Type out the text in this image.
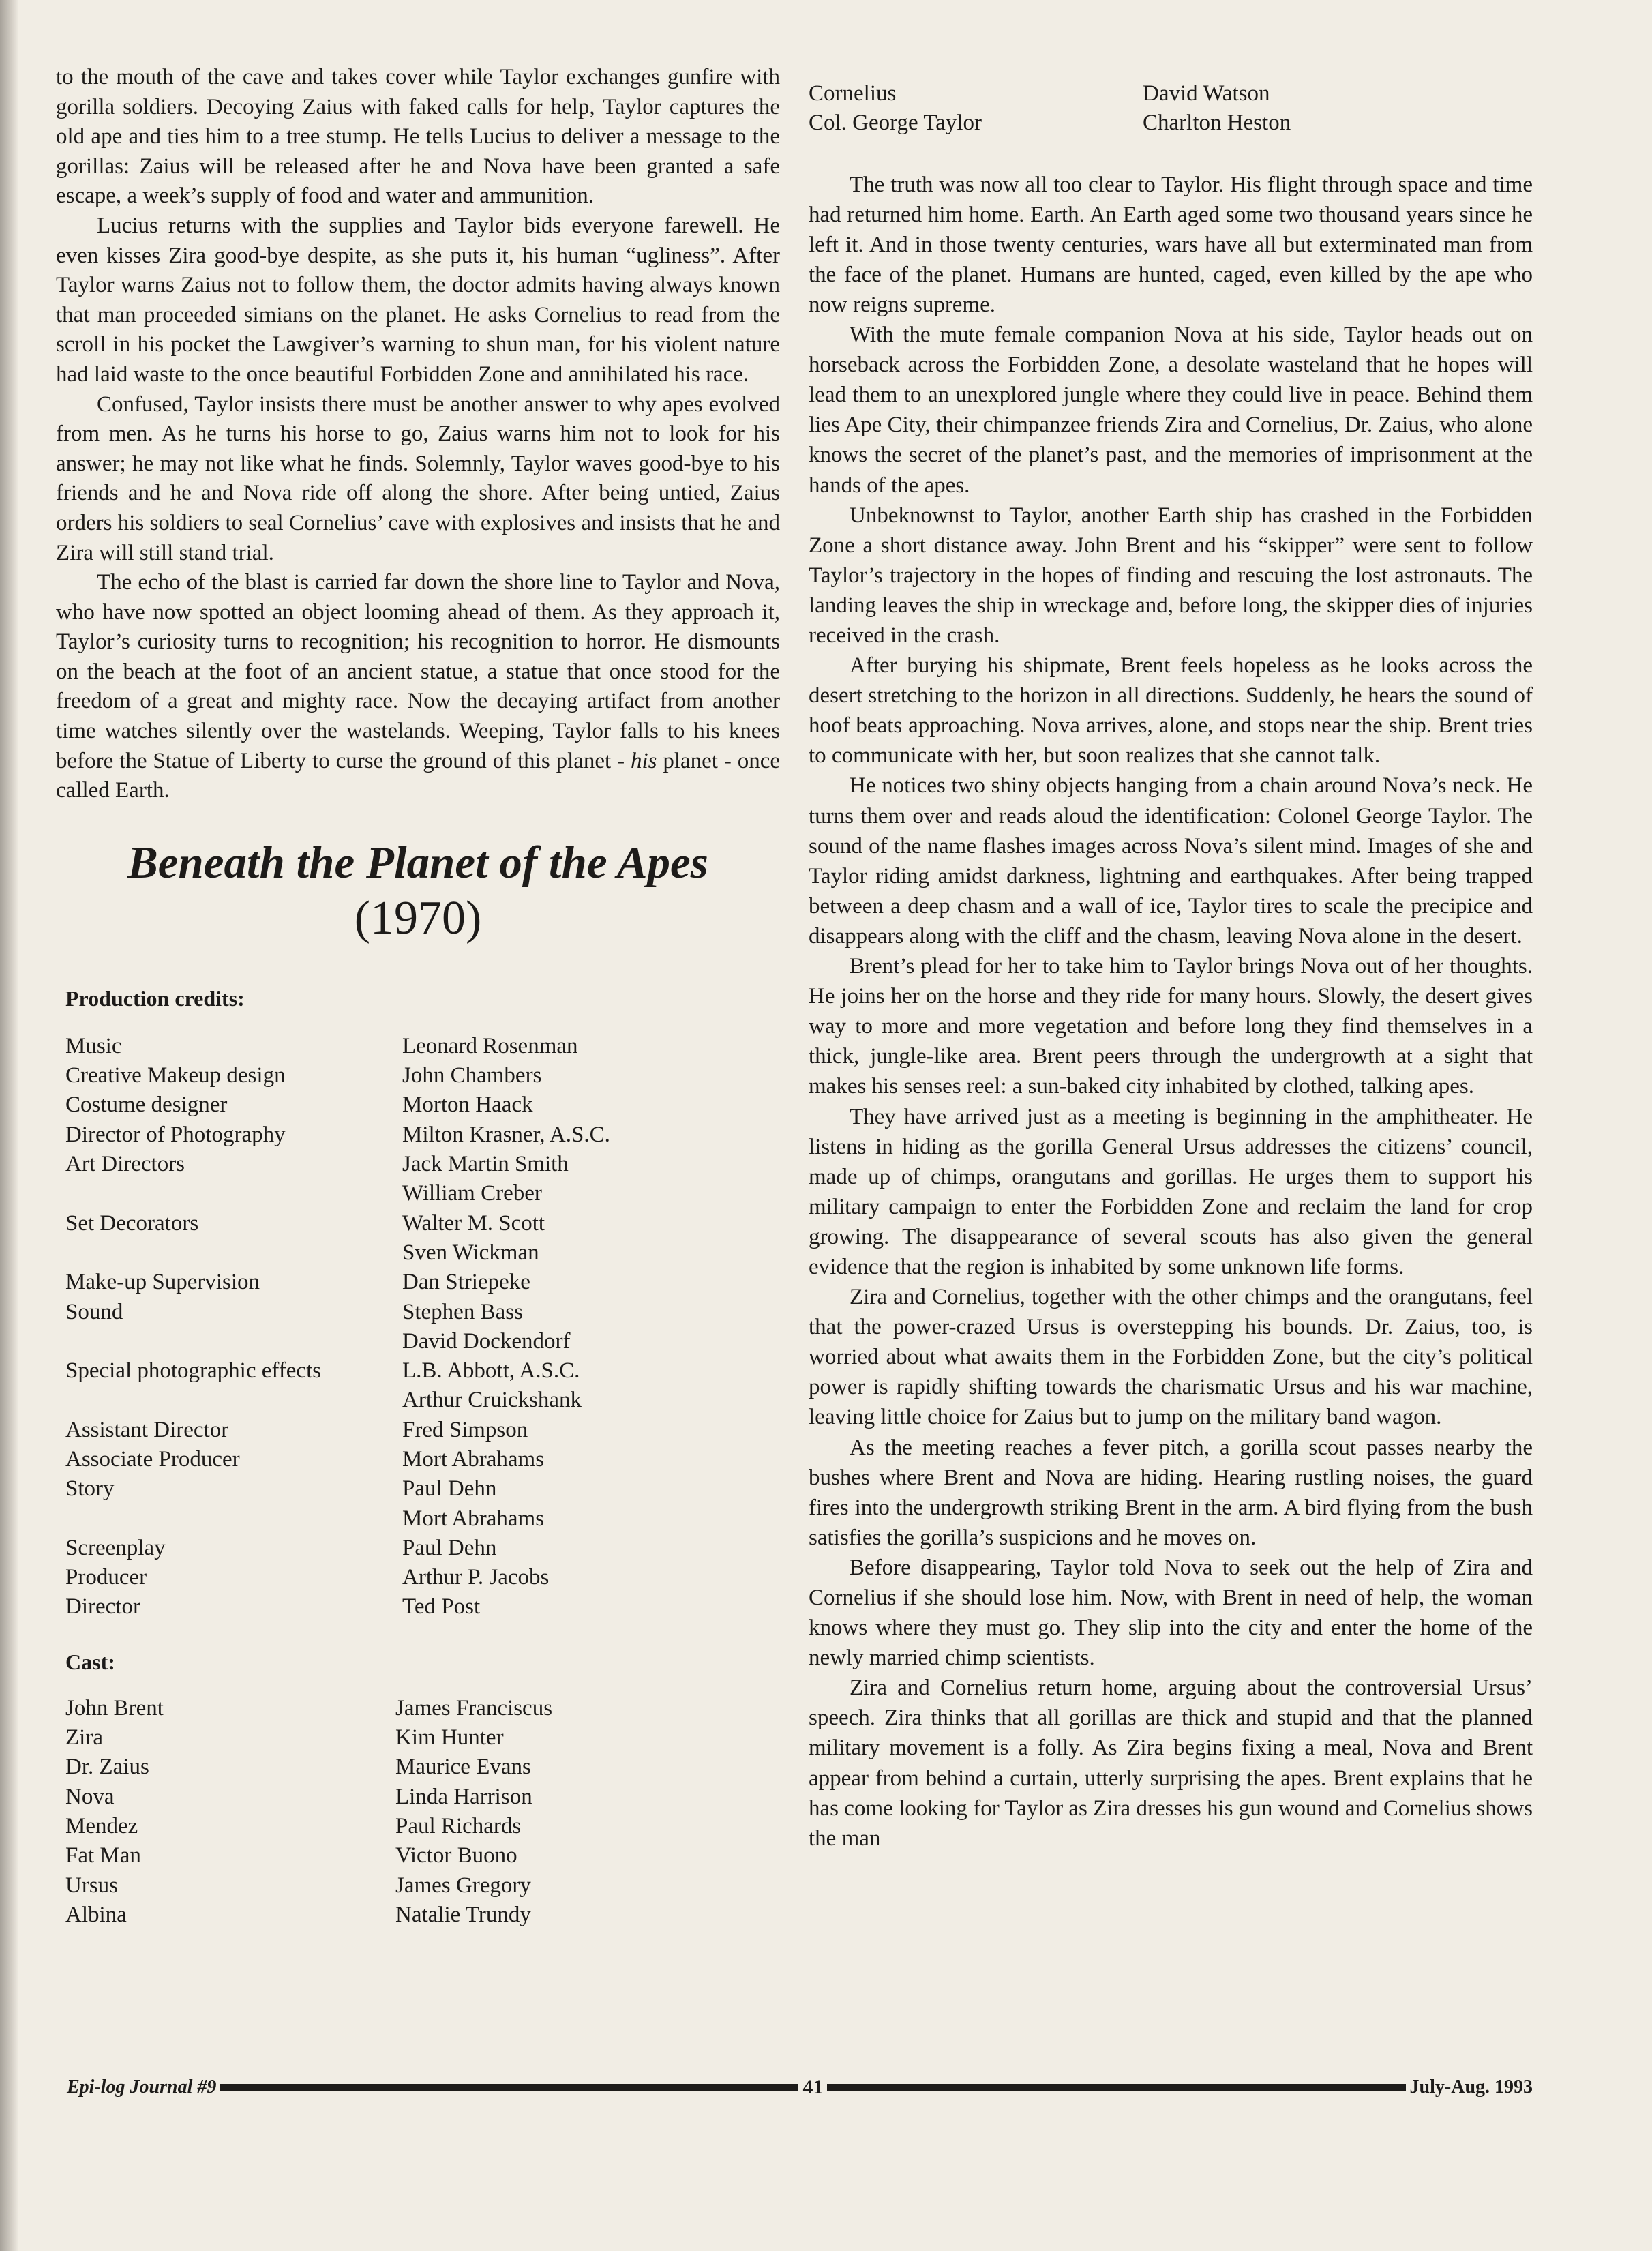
to the mouth of the cave and takes cover while Taylor exchanges gunfire with gorilla soldiers. Decoying Zaius with faked calls for help, Taylor captures the old ape and ties him to a tree stump. He tells Lucius to deliver a message to the gorillas: Zaius will be released after he and Nova have been granted a safe escape, a week’s supply of food and water and ammunition.

Lucius returns with the supplies and Taylor bids everyone farewell. He even kisses Zira good-bye despite, as she puts it, his human “ugliness”. After Taylor warns Zaius not to follow them, the doctor admits having always known that man proceeded simians on the planet. He asks Cornelius to read from the scroll in his pocket the Lawgiver’s warning to shun man, for his violent nature had laid waste to the once beautiful Forbidden Zone and annihilated his race.

Confused, Taylor insists there must be another answer to why apes evolved from men. As he turns his horse to go, Zaius warns him not to look for his answer; he may not like what he finds. Solemnly, Taylor waves good-bye to his friends and he and Nova ride off along the shore. After being untied, Zaius orders his soldiers to seal Cornelius’ cave with explosives and insists that he and Zira will still stand trial.

The echo of the blast is carried far down the shore line to Taylor and Nova, who have now spotted an object looming ahead of them. As they approach it, Taylor’s curiosity turns to recognition; his recognition to horror. He dismounts on the beach at the foot of an ancient statue, a statue that once stood for the freedom of a great and mighty race. Now the decaying artifact from another time watches silently over the wastelands. Weeping, Taylor falls to his knees before the Statue of Liberty to curse the ground of this planet - his planet - once called Earth.

Beneath the Planet of the Apes
(1970)
Production credits:
Music	Leonard Rosenman
Creative Makeup design	John Chambers
Costume designer	Morton Haack
Director of Photography	Milton Krasner, A.S.C.
Art Directors	Jack Martin Smith
William Creber
Set Decorators	Walter M. Scott
Sven Wickman
Make-up Supervision	Dan Striepeke
Sound	Stephen Bass
David Dockendorf
Special photographic effects	L.B. Abbott, A.S.C.
Arthur Cruickshank
Assistant Director	Fred Simpson
Associate Producer	Mort Abrahams
Story	Paul Dehn
Mort Abrahams
Screenplay	Paul Dehn
Producer	Arthur P. Jacobs
Director	Ted Post
Cast:
John Brent	James Franciscus
Zira	Kim Hunter
Dr. Zaius	Maurice Evans
Nova	Linda Harrison
Mendez	Paul Richards
Fat Man	Victor Buono
Ursus	James Gregory
Albina	Natalie Trundy
Cornelius	David Watson
Col. George Taylor	Charlton Heston

The truth was now all too clear to Taylor. His flight through space and time had returned him home. Earth. An Earth aged some two thousand years since he left it. And in those twenty centuries, wars have all but exterminated man from the face of the planet. Humans are hunted, caged, even killed by the ape who now reigns supreme.

With the mute female companion Nova at his side, Taylor heads out on horseback across the Forbidden Zone, a desolate wasteland that he hopes will lead them to an unexplored jungle where they could live in peace. Behind them lies Ape City, their chimpanzee friends Zira and Cornelius, Dr. Zaius, who alone knows the secret of the planet’s past, and the memories of imprisonment at the hands of the apes.

Unbeknownst to Taylor, another Earth ship has crashed in the Forbidden Zone a short distance away. John Brent and his “skipper” were sent to follow Taylor’s trajectory in the hopes of finding and rescuing the lost astronauts. The landing leaves the ship in wreckage and, before long, the skipper dies of injuries received in the crash.

After burying his shipmate, Brent feels hopeless as he looks across the desert stretching to the horizon in all directions. Suddenly, he hears the sound of hoof beats approaching. Nova arrives, alone, and stops near the ship. Brent tries to communicate with her, but soon realizes that she cannot talk.

He notices two shiny objects hanging from a chain around Nova’s neck. He turns them over and reads aloud the identification: Colonel George Taylor. The sound of the name flashes images across Nova’s silent mind. Images of she and Taylor riding amidst darkness, lightning and earthquakes. After being trapped between a deep chasm and a wall of ice, Taylor tires to scale the precipice and disappears along with the cliff and the chasm, leaving Nova alone in the desert.

Brent’s plead for her to take him to Taylor brings Nova out of her thoughts. He joins her on the horse and they ride for many hours. Slowly, the desert gives way to more and more vegetation and before long they find themselves in a thick, jungle-like area. Brent peers through the undergrowth at a sight that makes his senses reel: a sun-baked city inhabited by clothed, talking apes.

They have arrived just as a meeting is beginning in the amphitheater. He listens in hiding as the gorilla General Ursus addresses the citizens’ council, made up of chimps, orangutans and gorillas. He urges them to support his military campaign to enter the Forbidden Zone and reclaim the land for crop growing. The disappearance of several scouts has also given the general evidence that the region is inhabited by some unknown life forms.

Zira and Cornelius, together with the other chimps and the orangutans, feel that the power-crazed Ursus is overstepping his bounds. Dr. Zaius, too, is worried about what awaits them in the Forbidden Zone, but the city’s political power is rapidly shifting towards the charismatic Ursus and his war machine, leaving little choice for Zaius but to jump on the military band wagon.

As the meeting reaches a fever pitch, a gorilla scout passes nearby the bushes where Brent and Nova are hiding. Hearing rustling noises, the guard fires into the undergrowth striking Brent in the arm. A bird flying from the bush satisfies the gorilla’s suspicions and he moves on.

Before disappearing, Taylor told Nova to seek out the help of Zira and Cornelius if she should lose him. Now, with Brent in need of help, the woman knows where they must go. They slip into the city and enter the home of the newly married chimp scientists.

Zira and Cornelius return home, arguing about the controversial Ursus’ speech. Zira thinks that all gorillas are thick and stupid and that the planned military movement is a folly. As Zira begins fixing a meal, Nova and Brent appear from behind a curtain, utterly surprising the apes. Brent explains that he has come looking for Taylor as Zira dresses his gun wound and Cornelius shows the man

Epi-log Journal #9	41	July-Aug. 1993
